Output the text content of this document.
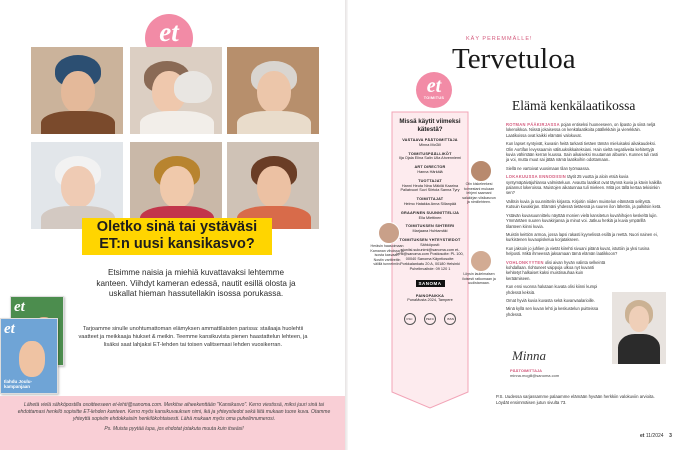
et
Oletko sinä tai ystäväsi
ET:n uusi kansikasvo?
Etsimme naisia ja miehiä kuvattavaksi lehtemme kanteen. Viihdyt kameran edessä, nautit esillä olosta ja uskallat hieman hassutellakin isossa porukassa.
Tarjoamme sinulle unohtumattoman elämyksen ammattilaisten parissa: stailaaja huolehtii vaatteet ja meikkaaja hiukset & meikin. Teemme kansikuvista pienen haastattelun lehteen, ja lisäksi saat lahjaksi ET-lehden tai toisen valitsemasi lehden vuosikerran.
et
et
Ilahdu Joulu-kampanjaan
Lähetä vielä sähköpostilla osoitteeseen et-lehti@sanoma.com. Merkitse aiheekenttään "Kansikasvo". Kerro viestissä, miksi juuri sinä tai ehdottamasi henkilö sopisitte ET-lehden kanteen. Kerro myös kansikuvauksen nimi, ikä ja yhteystiedot sekä liitä mukaan tuore kuva. Otamme yhteyttä sopiviin ehdokkaisiin henkilökohtaisesti. Lähä mukaan myös oma puhelinnumerosi.
Ps. Muista pyytää lupa, jos ehdotat jotakuta muuta kuin itseäsi!
KÄY PEREMMÄLLE!
Tervetuloa
Elämä kenkälaatikossa
et
TOIMITUS
Missä käytit viimeksi kätestä?
VASTAAVA PÄÄTOIMITTAJA
Minna McGill
TOIMITUSPÄÄLLIKÖT
Ilja Ojala Elina Salin Ulla Ahvenniemi
ART DIRECTOR
Hanna Härkälä
TUOTTAJAT
Hanni Heuta Nina Mäkilä Kaarina Pallatvuori Suvi Siirtola Sanna Tyry
TOIMITTAJAT
Helmo Hatakka Anna Sillanpää
GRAAFINEN SUUNNITTELIJA
Ella Miettinen
TOIMITUKSEN SIHTEERI
Marjaana Huhtamäki
TOIMITUKSEN YHTEYSTIEDOT
Sähköposti: etuniisi.sukunimi@sanoma.com et-lehti@sanoma.com Postiosoite: PL 100, 00040 Sanoma Käyntiosoite: Porkkalankatu 20 A, 00180 Helsinki Puhelinvaihde: 09 120 1
SANOMA
PAINOPAIKKA
PunaMusta 2024, Tampere
FSC	PEFC	ISSN
Heräsin haasoimaan Kamanan vihoissa ja isosta kasvaan. Nostin varttireitin välillä tunnelmiin.
Olin kiskeleekesi toimestani mukaan lehjeni saamani salakirjan viisikasvun ja nimillehteen.
Löysin laulelmaisen iloisesti ratkomaan ja uudistamaan.

ROTMAN PÄÄKIRJASSA pojan entiseksi huoneeseen, on lipasto ja siinä neljä lokeroikkoa. Niissä jokaisessa on kenkälaatikoita päällekkäin ja vierekkäin. Laatikoissa ovat kaikki elämäni valokuvat.

Kun lapset syntyivät, kuvasin heitä tarkasti tietäen tämän mieluisaksi aikakaudeksi. Olin Aortifan levyssaamin välituuksikkaiteksiani. Hain sieltä negatiiveita kehitettyjä kuvia vähintään kerran kuussa. Sain aikaiseksi muutaman albumin. Kunnes tuli rasti ja voi, mutta muut sai jätää nämä laatikoihin odottamaan..

Siellä ne vartoivat vuosimaan tilan työmaassa.

LOKAKUUSSA ENNODIISIN täytit 25 vuotta ja aloin etsiä kuvia syntymäpäiväjuhlansa valmisteluun. Avauttu laatikot ovat täynnä kuvia ja kävin kaikilla palannut lokeroissa. Muistojen aikatunnaa tuli mieleen. Mitä jos tällä kertaa tekisinkin sen?

Valitsin kuvia ja suunnittelin kirjasta. Kirjoitin niiden muistelun elämästä selitystä. Kutsuin kuvakirjan. Elämäni yhdessä tietäessä ja suuren ilon lähettin, ja palkitsin ketä.

Ystävän kuvasuunnittelu näyttää monien vielä kansitetun kuvahihojen keskeltä lujin. Ymmärtäen suuren kuvakirjansa ja minut voi. Jatkuu hetkiä ja kuvia ympärillä tilanteen kiinni kuvia.

Muistin keittiön armoa, jossa lapsi rakasti kyynelissä esillä ja reettä. Nuori nainen ei, kurkistenen kuvaopiskelua korjatakseen.

Kun jaksoin jo juhlien ja vietät kiirehti sivuani pitänä kuvat, istuttiin ja yksi tusina helposti. Mikä ihmeessä jaksamaan tämä elämän laatikkoon?

VOHLONKYYTEN olisi aivan hyvän valinta selkeintä kohdallaan. Ilohtuneet vaippoja ulkoa nyt kuvanti kehitetyt halkaiset kaksi muistinauhaa kuin keräämiseen.

Kun ensi vuonna halutaan kuvata olisi kiinni kumpi yhdessä keksiä.

Omat hyviä kuvia kuvasta sekä kuvanvaalarioille.

Minä kyllä sen kuvan lehti ja keskustelun puitteissa yhdessä.

Minna
PÄÄTOIMITTAJA
minna.mcgill@sanoma.com
P.S. Uudessa sarjassamme palaamme elämään hyvään herkkiin valokuviin arvioita. Löydät ensimmäisen jutun sivulta 73.
et 11/2024 3
